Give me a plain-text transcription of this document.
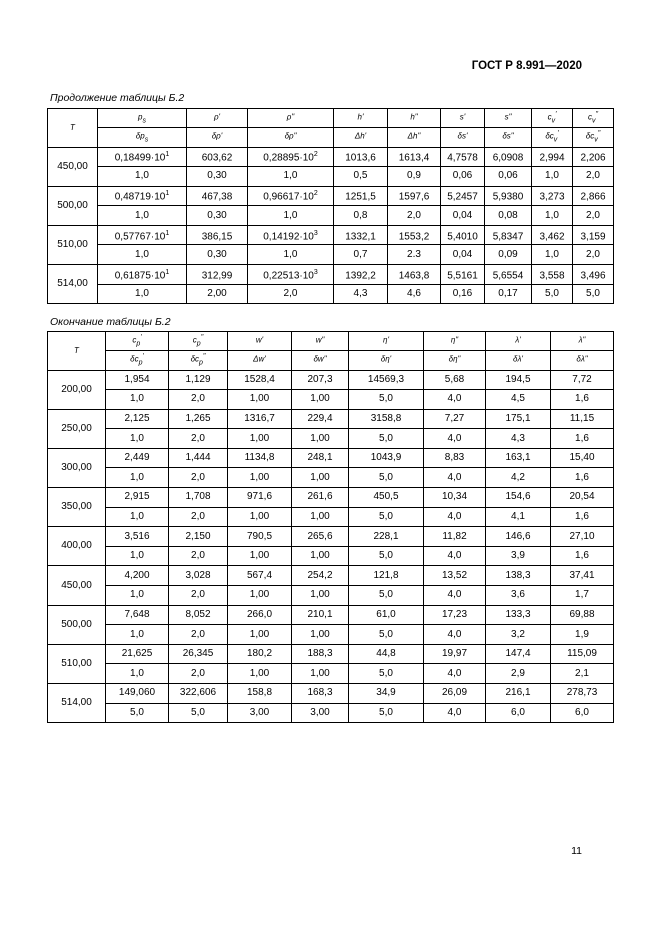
ГОСТ Р 8.991—2020
Продолжение таблицы Б.2
T	$p_s$	ρ'	ρ"	h'	h"	s'	s"	$c_v'$	$c_v^"$
	$\delta p_s$	δρ'	δρ"	Δh'	Δh"	δs'	δs"	$\delta c_v'$	$\delta c_v^"$
450,00	$0,18499\cdot 10^1$	603,62	$0,28895\cdot 10^2$	1013,6	1613,4	4,7578	6,0908	2,994	2,206
	1,0	0,30	1,0	0,5	0,9	0,06	0,06	1,0	2,0
500,00	$0,48719\cdot 10^1$	467,38	$0,96617\cdot 10^2$	1251,5	1597,6	5,2457	5,9380	3,273	2,866
	1,0	0,30	1,0	0,8	2,0	0,04	0,08	1,0	2,0
510,00	$0,57767\cdot 10^1$	386,15	$0,14192\cdot 10^3$	1332,1	1553,2	5,4010	5,8347	3,462	3,159
	1,0	0,30	1,0	0,7	2.3	0,04	0,09	1,0	2,0
514,00	$0,61875\cdot 10^1$	312,99	$0,22513\cdot 10^3$	1392,2	1463,8	5,5161	5,6554	3,558	3,496
	1,0	2,00	2,0	4,3	4,6	0,16	0,17	5,0	5,0
Окончание таблицы Б.2
T	$c_p'$	$c_p^"$	w'	w"	η'	η"	λ'	λ"
	$\delta c_p'$	$\delta c_p^"$	Δw'	δw"	δη'	δη"	δλ'	δλ"
200,00	1,954	1,129	1528,4	207,3	14569,3	5,68	194,5	7,72
	1,0	2,0	1,00	1,00	5,0	4,0	4,5	1,6
250,00	2,125	1,265	1316,7	229,4	3158,8	7,27	175,1	11,15
	1,0	2,0	1,00	1,00	5,0	4,0	4,3	1,6
300,00	2,449	1,444	1134,8	248,1	1043,9	8,83	163,1	15,40
	1,0	2,0	1,00	1,00	5,0	4,0	4,2	1,6
350,00	2,915	1,708	971,6	261,6	450,5	10,34	154,6	20,54
	1,0	2,0	1,00	1,00	5,0	4,0	4,1	1,6
400,00	3,516	2,150	790,5	265,6	228,1	11,82	146,6	27,10
	1,0	2,0	1,00	1,00	5,0	4,0	3,9	1,6
450,00	4,200	3,028	567,4	254,2	121,8	13,52	138,3	37,41
	1,0	2,0	1,00	1,00	5,0	4,0	3,6	1,7
500,00	7,648	8,052	266,0	210,1	61,0	17,23	133,3	69,88
	1,0	2,0	1,00	1,00	5,0	4,0	3,2	1,9
510,00	21,625	26,345	180,2	188,3	44,8	19,97	147,4	115,09
	1,0	2,0	1,00	1,00	5,0	4,0	2,9	2,1
514,00	149,060	322,606	158,8	168,3	34,9	26,09	216,1	278,73
	5,0	5,0	3,00	3,00	5,0	4,0	6,0	6,0
11
